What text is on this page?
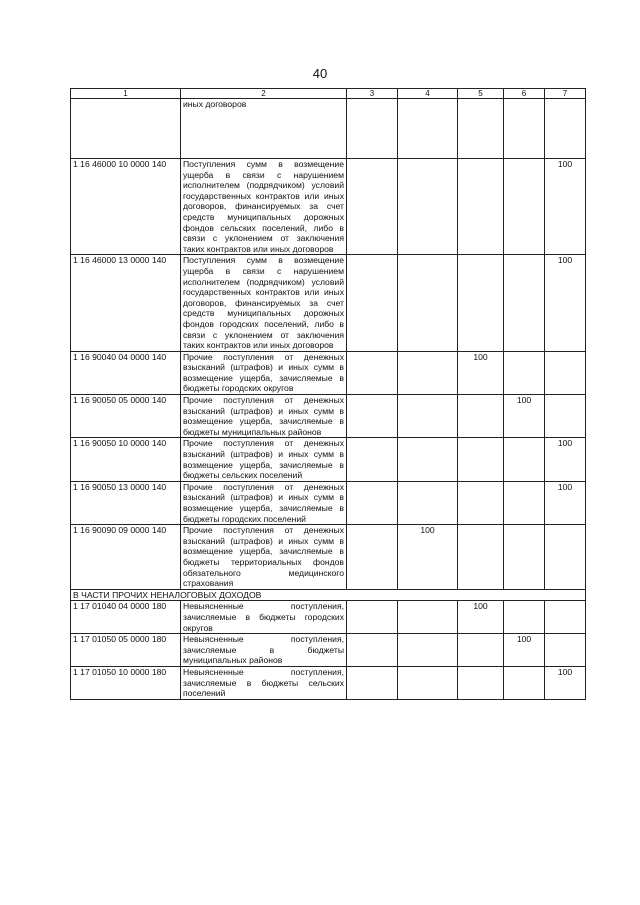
40
1	2	3	4	5	6	7
	иных договоров					
1 16 46000 10 0000 140	Поступления сумм в возмещение ущерба в связи с нарушением исполнителем (подрядчиком) условий государственных контрактов или иных договоров, финансируемых за счет средств муниципальных дорожных фондов сельских поселений, либо в связи с уклонением от заключения таких контрактов или иных договоров					100
1 16 46000 13 0000 140	Поступления сумм в возмещение ущерба в связи с нарушением исполнителем (подрядчиком) условий государственных контрактов или иных договоров, финансируемых за счет средств муниципальных дорожных фондов городских поселений, либо в связи с уклонением от заключения таких контрактов или иных договоров					100
1 16 90040 04 0000 140	Прочие поступления от денежных взысканий (штрафов) и иных сумм в возмещение ущерба, зачисляемые в бюджеты городских округов			100		
1 16 90050 05 0000 140	Прочие поступления от денежных взысканий (штрафов) и иных сумм в возмещение ущерба, зачисляемые в бюджеты муниципальных районов				100	
1 16 90050 10 0000 140	Прочие поступления от денежных взысканий (штрафов) и иных сумм в возмещение ущерба, зачисляемые в бюджеты сельских поселений					100
1 16 90050 13 0000 140	Прочие поступления от денежных взысканий (штрафов) и иных сумм в возмещение ущерба, зачисляемые в бюджеты городских поселений					100
1 16 90090 09 0000 140	Прочие поступления от денежных взысканий (штрафов) и иных сумм в возмещение ущерба, зачисляемые в бюджеты территориальных фондов обязательного медицинского страхования		100			
В ЧАСТИ ПРОЧИХ НЕНАЛОГОВЫХ ДОХОДОВ						
1 17 01040 04 0000 180	Невыясненные поступления, зачисляемые в бюджеты городских округов			100		
1 17 01050 05 0000 180	Невыясненные поступления, зачисляемые в бюджеты муниципальных районов				100	
1 17 01050 10 0000 180	Невыясненные поступления, зачисляемые в бюджеты сельских поселений					100
